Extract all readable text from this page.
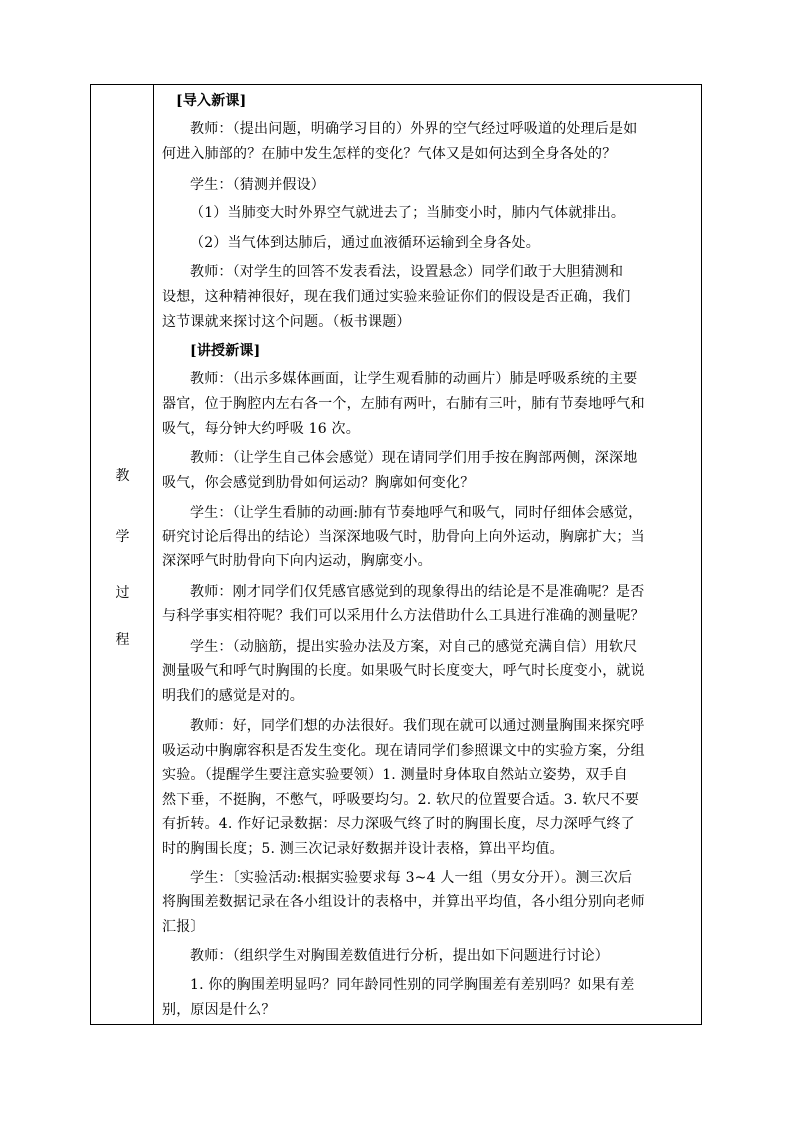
教
学
过
程
[导入新课]
教师：（提出问题，明确学习目的）外界的空气经过呼吸道的处理后是如
何进入肺部的？在肺中发生怎样的变化？气体又是如何达到全身各处的？
学生：（猜测并假设）
（1）当肺变大时外界空气就进去了；当肺变小时，肺内气体就排出。
（2）当气体到达肺后，通过血液循环运输到全身各处。
教师：（对学生的回答不发表看法，设置悬念）同学们敢于大胆猜测和
设想，这种精神很好，现在我们通过实验来验证你们的假设是否正确，我们
这节课就来探讨这个问题。（板书课题）
[讲授新课]
教师：（出示多媒体画面，让学生观看肺的动画片）肺是呼吸系统的主要
器官，位于胸腔内左右各一个，左肺有两叶，右肺有三叶，肺有节奏地呼气和
吸气，每分钟大约呼吸 16 次。
教师：（让学生自己体会感觉）现在请同学们用手按在胸部两侧，深深地
吸气，你会感觉到肋骨如何运动？胸廓如何变化？
学生：（让学生看肺的动画:肺有节奏地呼气和吸气，同时仔细体会感觉，
研究讨论后得出的结论）当深深地吸气时，肋骨向上向外运动，胸廓扩大；当
深深呼气时肋骨向下向内运动，胸廓变小。
教师：刚才同学们仅凭感官感觉到的现象得出的结论是不是准确呢？是否
与科学事实相符呢？我们可以采用什么方法借助什么工具进行准确的测量呢？
学生：（动脑筋，提出实验办法及方案，对自己的感觉充满自信）用软尺
测量吸气和呼气时胸围的长度。如果吸气时长度变大，呼气时长度变小，就说
明我们的感觉是对的。
教师：好，同学们想的办法很好。我们现在就可以通过测量胸围来探究呼
吸运动中胸廓容积是否发生变化。现在请同学们参照课文中的实验方案，分组
实验。（提醒学生要注意实验要领）1. 测量时身体取自然站立姿势，双手自
然下垂，不挺胸，不憋气，呼吸要均匀。2. 软尺的位置要合适。3. 软尺不要
有折转。4. 作好记录数据：尽力深吸气终了时的胸围长度，尽力深呼气终了
时的胸围长度；5. 测三次记录好数据并设计表格，算出平均值。
学生：〔实验活动:根据实验要求每 3~4 人一组（男女分开）。测三次后
将胸围差数据记录在各小组设计的表格中，并算出平均值，各小组分别向老师
汇报〕
教师：（组织学生对胸围差数值进行分析，提出如下问题进行讨论）
1. 你的胸围差明显吗？同年龄同性别的同学胸围差有差别吗？如果有差
别，原因是什么？
